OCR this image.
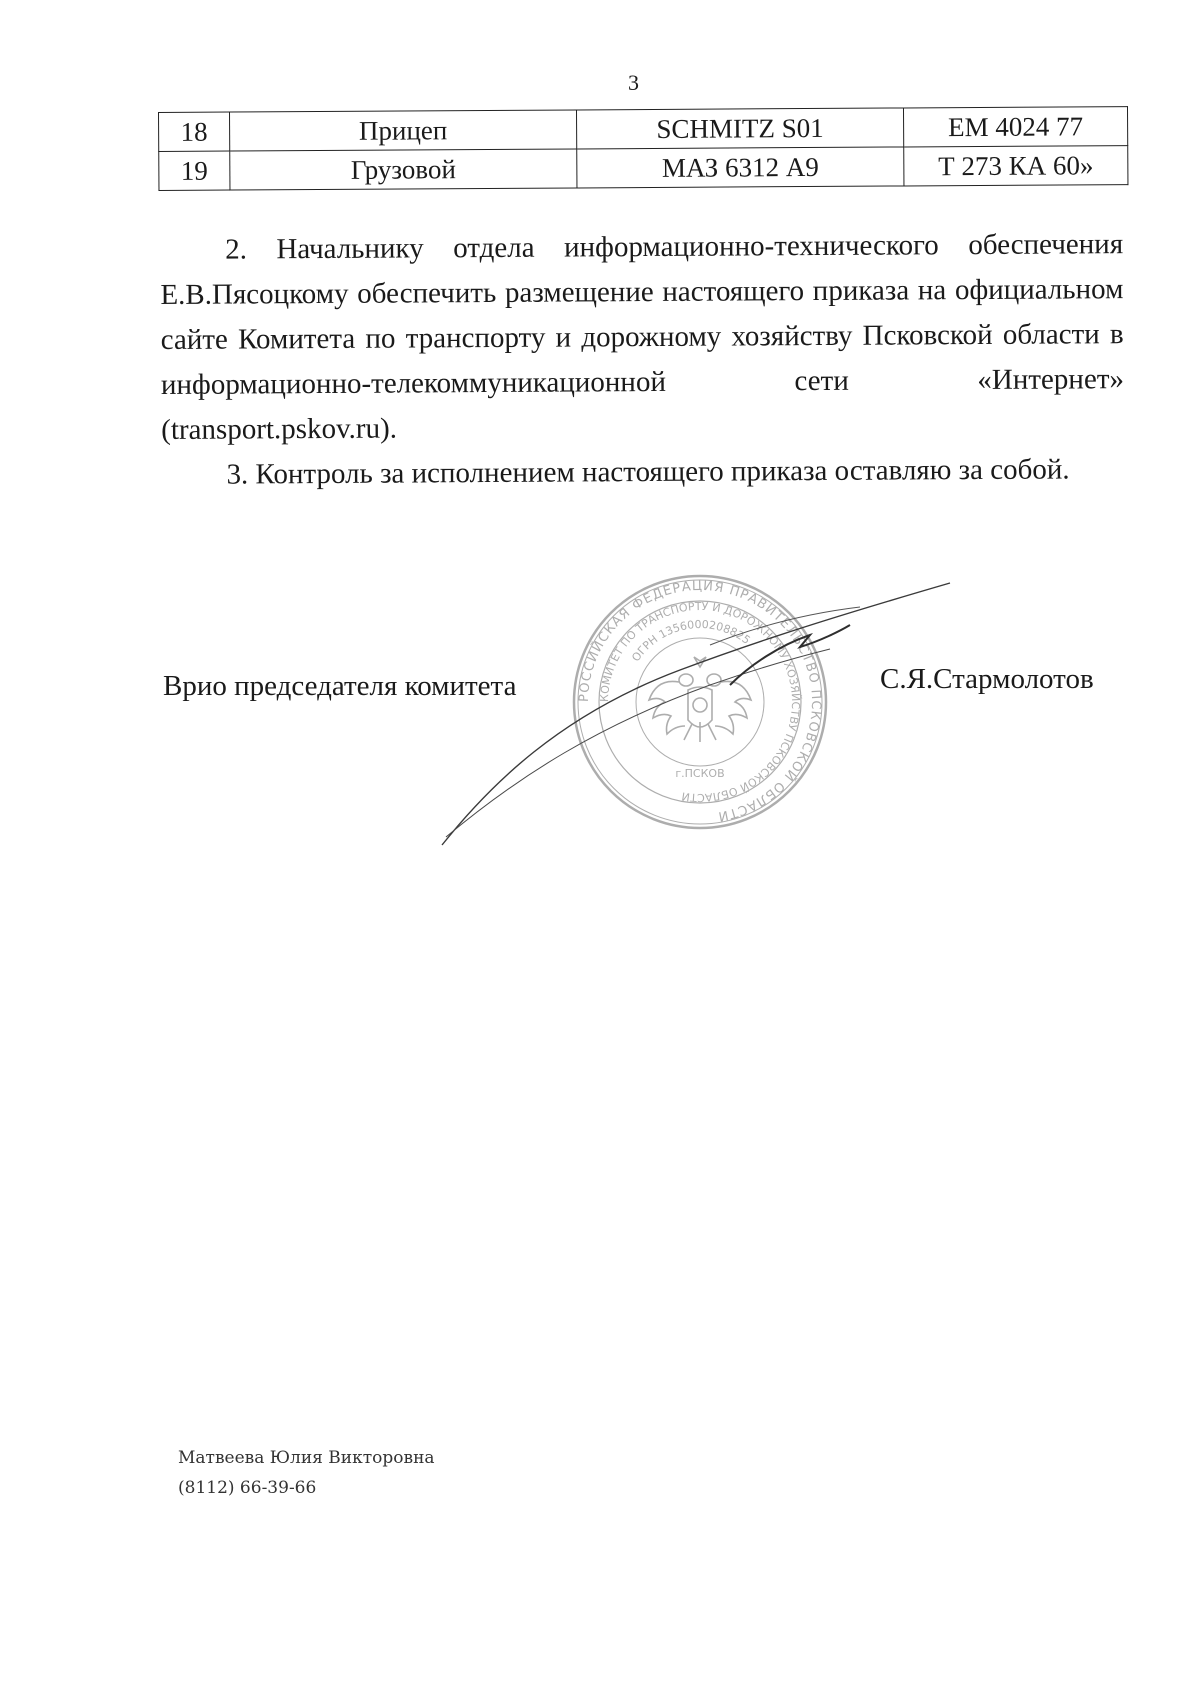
3
18	Прицеп	SCHMITZ S01	ЕМ 4024 77
19	Грузовой	МАЗ 6312 А9	Т 273 КА 60»

2. Начальнику отдела информационно-технического обеспечения Е.В.Пясоцкому обеспечить размещение настоящего приказа на официальном сайте Комитета по транспорту и дорожному хозяйству Псковской области в информационно-телекоммуникационной сети «Интернет» (transport.pskov.ru).

3. Контроль за исполнением настоящего приказа оставляю за собой.

Врио председателя комитета	С.Я.Стармолотов
РОССИЙСКАЯ ФЕДЕРАЦИЯ ПРАВИТЕЛЬСТВО ПСКОВСКОЙ ОБЛАСТИ
КОМИТЕТ ПО ТРАНСПОРТУ И ДОРОЖНОМУ ХОЗЯЙСТВУ ПСКОВСКОЙ ОБЛАСТИ
ОГРН 1356000208825
г.ПСКОВ
Матвеева Юлия Викторовна
(8112) 66-39-66
